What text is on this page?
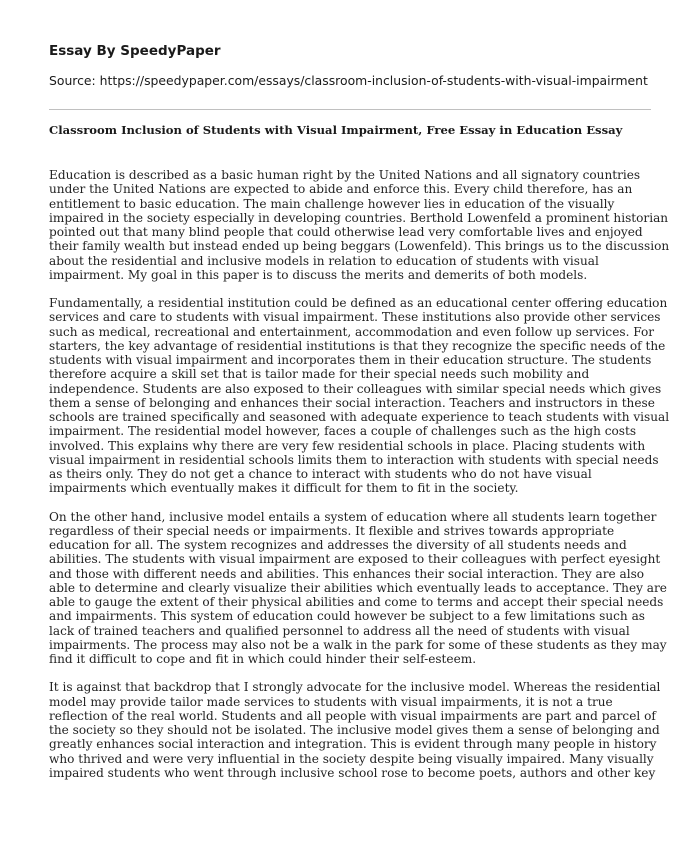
Essay By SpeedyPaper
Source: https://speedypaper.com/essays/classroom-inclusion-of-students-with-visual-impairment
Classroom Inclusion of Students with Visual Impairment, Free Essay in Education Essay

Education is described as a basic human right by the United Nations and all signatory countries
under the United Nations are expected to abide and enforce this. Every child therefore, has an
entitlement to basic education. The main challenge however lies in education of the visually
impaired in the society especially in developing countries. Berthold Lowenfeld a prominent historian
pointed out that many blind people that could otherwise lead very comfortable lives and enjoyed
their family wealth but instead ended up being beggars (Lowenfeld). This brings us to the discussion
about the residential and inclusive models in relation to education of students with visual
impairment. My goal in this paper is to discuss the merits and demerits of both models.

Fundamentally, a residential institution could be defined as an educational center offering education
services and care to students with visual impairment. These institutions also provide other services
such as medical, recreational and entertainment, accommodation and even follow up services. For
starters, the key advantage of residential institutions is that they recognize the specific needs of the
students with visual impairment and incorporates them in their education structure. The students
therefore acquire a skill set that is tailor made for their special needs such mobility and
independence. Students are also exposed to their colleagues with similar special needs which gives
them a sense of belonging and enhances their social interaction. Teachers and instructors in these
schools are trained specifically and seasoned with adequate experience to teach students with visual
impairment. The residential model however, faces a couple of challenges such as the high costs
involved. This explains why there are very few residential schools in place. Placing students with
visual impairment in residential schools limits them to interaction with students with special needs
as theirs only. They do not get a chance to interact with students who do not have visual
impairments which eventually makes it difficult for them to fit in the society.

On the other hand, inclusive model entails a system of education where all students learn together
regardless of their special needs or impairments. It flexible and strives towards appropriate
education for all. The system recognizes and addresses the diversity of all students needs and
abilities. The students with visual impairment are exposed to their colleagues with perfect eyesight
and those with different needs and abilities. This enhances their social interaction. They are also
able to determine and clearly visualize their abilities which eventually leads to acceptance. They are
able to gauge the extent of their physical abilities and come to terms and accept their special needs
and impairments. This system of education could however be subject to a few limitations such as
lack of trained teachers and qualified personnel to address all the need of students with visual
impairments. The process may also not be a walk in the park for some of these students as they may
find it difficult to cope and fit in which could hinder their self-esteem.

It is against that backdrop that I strongly advocate for the inclusive model. Whereas the residential
model may provide tailor made services to students with visual impairments, it is not a true
reflection of the real world. Students and all people with visual impairments are part and parcel of
the society so they should not be isolated. The inclusive model gives them a sense of belonging and
greatly enhances social interaction and integration. This is evident through many people in history
who thrived and were very influential in the society despite being visually impaired. Many visually
impaired students who went through inclusive school rose to become poets, authors and other key
